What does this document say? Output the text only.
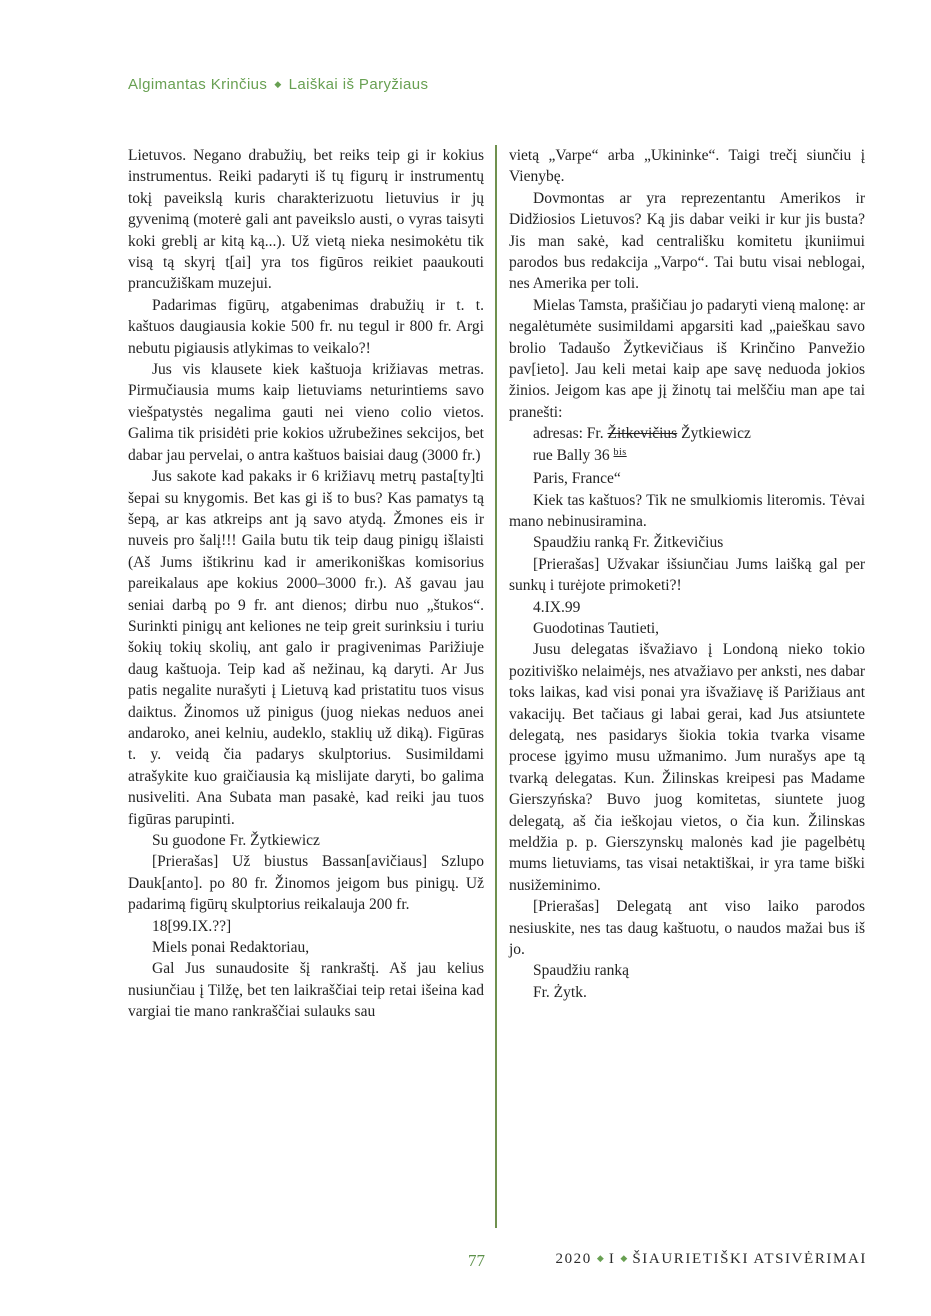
Algimantas Krinčius ◆ Laiškai iš Paryžiaus

Lietuvos. Negano drabužių, bet reiks teip gi ir kokius instrumentus. Reiki padaryti iš tų figurų ir instrumentų tokį paveikslą kuris charakterizuotu lietuvius ir jų gyvenimą (moterė gali ant paveikslo austi, o vyras taisyti koki greblį ar kitą ką...). Už vietą nieka nesimokėtu tik visą tą skyrį t[ai] yra tos figūros reikiet paaukouti prancužiškam muzejui.

Padarimas figūrų, atgabenimas drabužių ir t. t. kaštuos daugiausia kokie 500 fr. nu tegul ir 800 fr. Argi nebutu pigiausis atlykimas to veikalo?!

Jus vis klausete kiek kaštuoja križiavas metras. Pirmučiausia mums kaip lietuviams neturintiems savo viešpatystės negalima gauti nei vieno colio vietos. Galima tik prisidėti prie kokios užrubežines sekcijos, bet dabar jau pervelai, o antra kaštuos baisiai daug (3000 fr.)

Jus sakote kad pakaks ir 6 križiavų metrų pasta[ty]ti šepai su knygomis. Bet kas gi iš to bus? Kas pamatys tą šepą, ar kas atkreips ant ją savo atydą. Žmones eis ir nuveis pro šalį!!! Gaila butu tik teip daug pinigų išlaisti (Aš Jums ištikrinu kad ir amerikoniškas komisorius pareikalaus ape kokius 2000–3000 fr.). Aš gavau jau seniai darbą po 9 fr. ant dienos; dirbu nuo „štukos“. Surinkti pinigų ant keliones ne teip greit surinksiu i turiu šokių tokių skolių, ant galo ir pragivenimas Parižiuje daug kaštuoja. Teip kad aš nežinau, ką daryti. Ar Jus patis negalite nurašyti į Lietuvą kad pristatitu tuos visus daiktus. Žinomos už pinigus (juog niekas neduos anei andaroko, anei kelniu, audeklo, staklių už diką). Figūras t. y. veidą čia padarys skulptorius. Susimildami atrašykite kuo graičiausia ką mislijate daryti, bo galima nusiveliti. Ana Subata man pasakė, kad reiki jau tuos figūras parupinti.

Su guodone Fr. Žytkiewicz

[Prierašas] Už biustus Bassan[avičiaus] Szlupo Dauk[anto]. po 80 fr. Žinomos jeigom bus pinigų. Už padarimą figūrų skulptorius reikalauja 200 fr.

18[99.IX.??]

Miels ponai Redaktoriau,

Gal Jus sunaudosite šį rankraštį. Aš jau kelius nusiunčiau į Tilžę, bet ten laikraščiai teip retai išeina kad vargiai tie mano rankraščiai sulauks sau

vietą „Varpe“ arba „Ukininke“. Taigi trečį siunčiu į Vienybę.

Dovmontas ar yra reprezentantu Amerikos ir Didžiosios Lietuvos? Ką jis dabar veiki ir kur jis busta? Jis man sakė, kad centrališku komitetu įkuniimui parodos bus redakcija „Varpo“. Tai butu visai neblogai, nes Amerika per toli.

Mielas Tamsta, prašičiau jo padaryti vieną malonę: ar negalėtumėte susimildami apgarsiti kad „paieškau savo brolio Tadaušo Žytkevičiaus iš Krinčino Panvežio pav[ieto]. Jau keli metai kaip ape savę neduoda jokios žinios. Jeigom kas ape jį žinotų tai melščiu man ape tai pranešti:

adresas: Fr. Žitkevičius Žytkiewicz

rue Bally 36 $^{bis}$

Paris, France“

Kiek tas kaštuos? Tik ne smulkiomis literomis. Tėvai mano nebinusiramina.

Spaudžiu ranką Fr. Žitkevičius

[Prierašas] Užvakar išsiunčiau Jums laišką gal per sunkų i turėjote primoketi?!

4.IX.99

Guodotinas Tautieti,

Jusu delegatas išvažiavo į Londoną nieko tokio pozitiviško nelaimėjs, nes atvažiavo per anksti, nes dabar toks laikas, kad visi ponai yra išvažiavę iš Parižiaus ant vakacijų. Bet tačiaus gi labai gerai, kad Jus atsiuntete delegatą, nes pasidarys šiokia tokia tvarka visame procese įgyimo musu užmanimo. Jum nurašys ape tą tvarką delegatas. Kun. Žilinskas kreipesi pas Madame Gierszyńska? Buvo juog komitetas, siuntete juog delegatą, aš čia ieškojau vietos, o čia kun. Žilinskas meldžia p. p. Gierszynskų malonės kad jie pagelbėtų mums lietuviams, tas visai netaktiškai, ir yra tame biški nusižeminimo.

[Prierašas] Delegatą ant viso laiko parodos nesiuskite, nes tas daug kaštuotu, o naudos mažai bus iš jo.

Spaudžiu ranką

Fr. Żytk.

77	2020 ◆ I ◆ ŠIAURIETIŠKI ATSIVĖRIMAI
